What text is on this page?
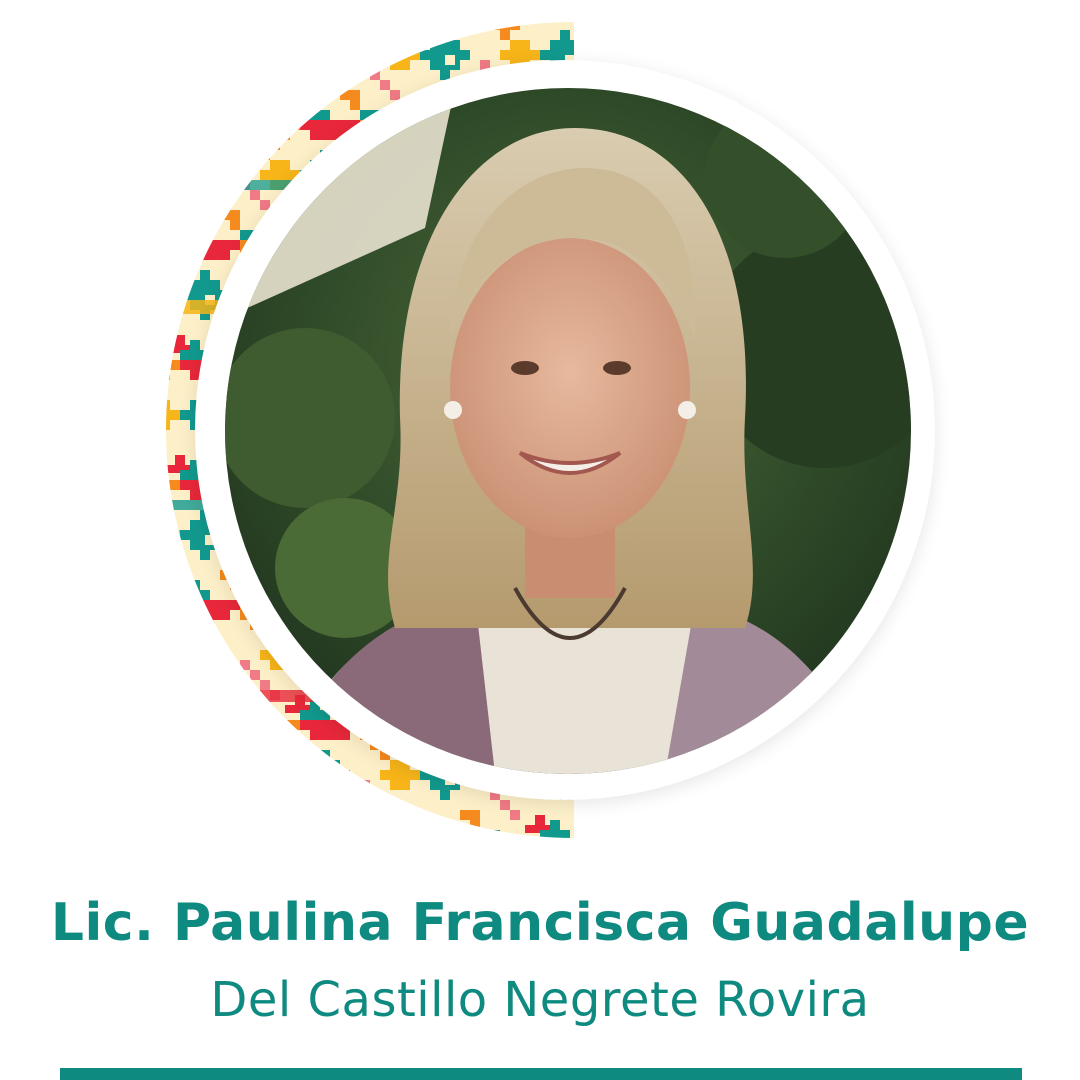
Lic. Paulina Francisca Guadalupe
Del Castillo Negrete Rovira
